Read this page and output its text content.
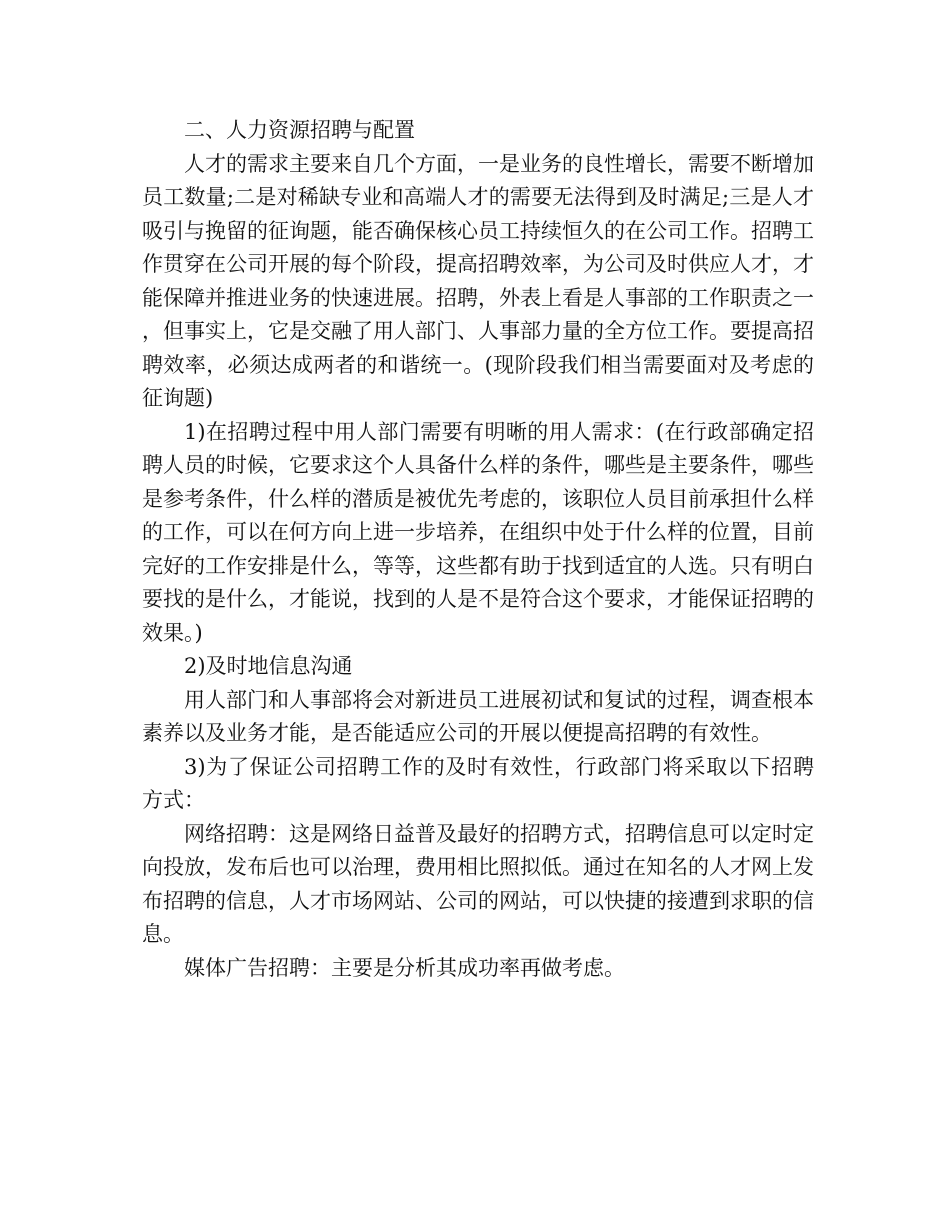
二、人力资源招聘与配置

人才的需求主要来自几个方面，一是业务的良性增长，需要不断增加员工数量;二是对稀缺专业和高端人才的需要无法得到及时满足;三是人才吸引与挽留的征询题，能否确保核心员工持续恒久的在公司工作。招聘工作贯穿在公司开展的每个阶段，提高招聘效率，为公司及时供应人才，才能保障并推进业务的快速进展。招聘，外表上看是人事部的工作职责之一，但事实上，它是交融了用人部门、人事部力量的全方位工作。要提高招聘效率，必须达成两者的和谐统一。(现阶段我们相当需要面对及考虑的征询题)

1)在招聘过程中用人部门需要有明晰的用人需求：(在行政部确定招聘人员的时候，它要求这个人具备什么样的条件，哪些是主要条件，哪些是参考条件，什么样的潜质是被优先考虑的，该职位人员目前承担什么样的工作，可以在何方向上进一步培养，在组织中处于什么样的位置，目前完好的工作安排是什么，等等，这些都有助于找到适宜的人选。只有明白要找的是什么，才能说，找到的人是不是符合这个要求，才能保证招聘的效果。)

2)及时地信息沟通

用人部门和人事部将会对新进员工进展初试和复试的过程，调查根本素养以及业务才能，是否能适应公司的开展以便提高招聘的有效性。

3)为了保证公司招聘工作的及时有效性，行政部门将采取以下招聘方式：

网络招聘：这是网络日益普及最好的招聘方式，招聘信息可以定时定向投放，发布后也可以治理，费用相比照拟低。通过在知名的人才网上发布招聘的信息，人才市场网站、公司的网站，可以快捷的接遭到求职的信息。

媒体广告招聘：主要是分析其成功率再做考虑。
